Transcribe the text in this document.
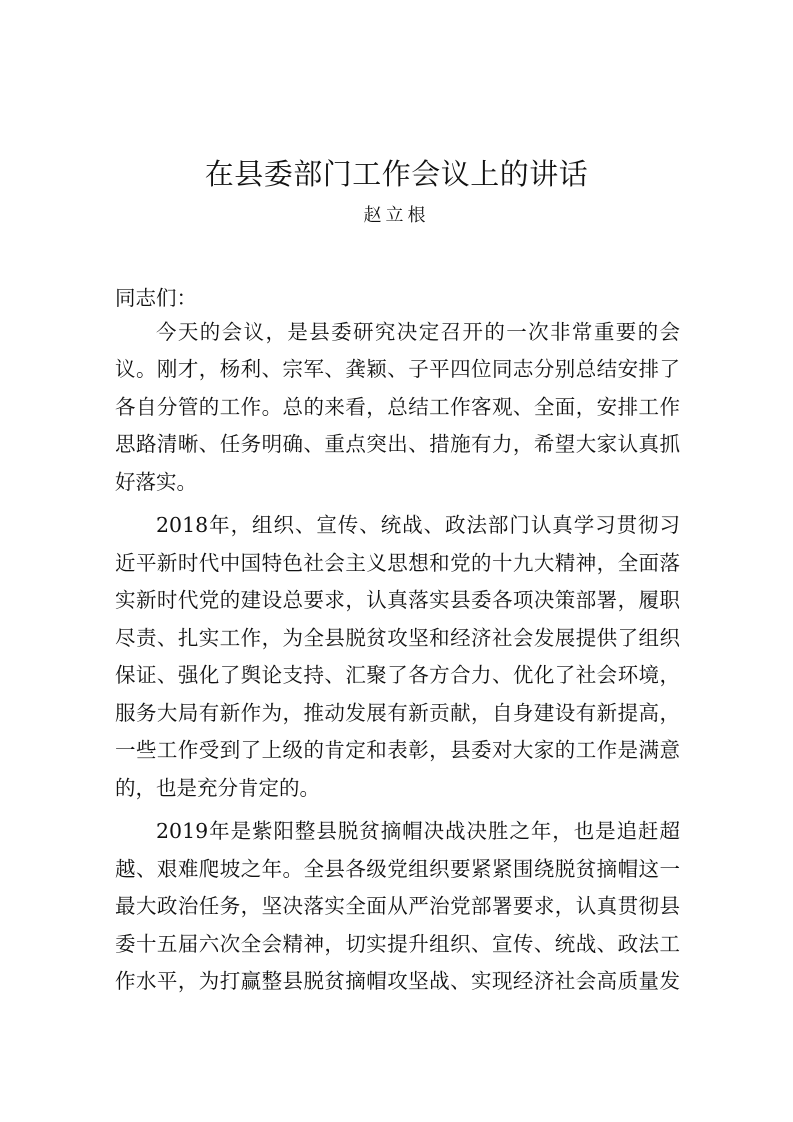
在县委部门工作会议上的讲话
赵立根
同志们：
今天的会议，是县委研究决定召开的一次非常重要的会
议。刚才，杨利、宗军、龚颖、子平四位同志分别总结安排了
各自分管的工作。总的来看，总结工作客观、全面，安排工作
思路清晰、任务明确、重点突出、措施有力，希望大家认真抓
好落实。
2018年，组织、宣传、统战、政法部门认真学习贯彻习
近平新时代中国特色社会主义思想和党的十九大精神，全面落
实新时代党的建设总要求，认真落实县委各项决策部署，履职
尽责、扎实工作，为全县脱贫攻坚和经济社会发展提供了组织
保证、强化了舆论支持、汇聚了各方合力、优化了社会环境，
服务大局有新作为，推动发展有新贡献，自身建设有新提高，
一些工作受到了上级的肯定和表彰，县委对大家的工作是满意
的，也是充分肯定的。
2019年是紫阳整县脱贫摘帽决战决胜之年，也是追赶超
越、艰难爬坡之年。全县各级党组织要紧紧围绕脱贫摘帽这一
最大政治任务，坚决落实全面从严治党部署要求，认真贯彻县
委十五届六次全会精神，切实提升组织、宣传、统战、政法工
作水平，为打赢整县脱贫摘帽攻坚战、实现经济社会高质量发
